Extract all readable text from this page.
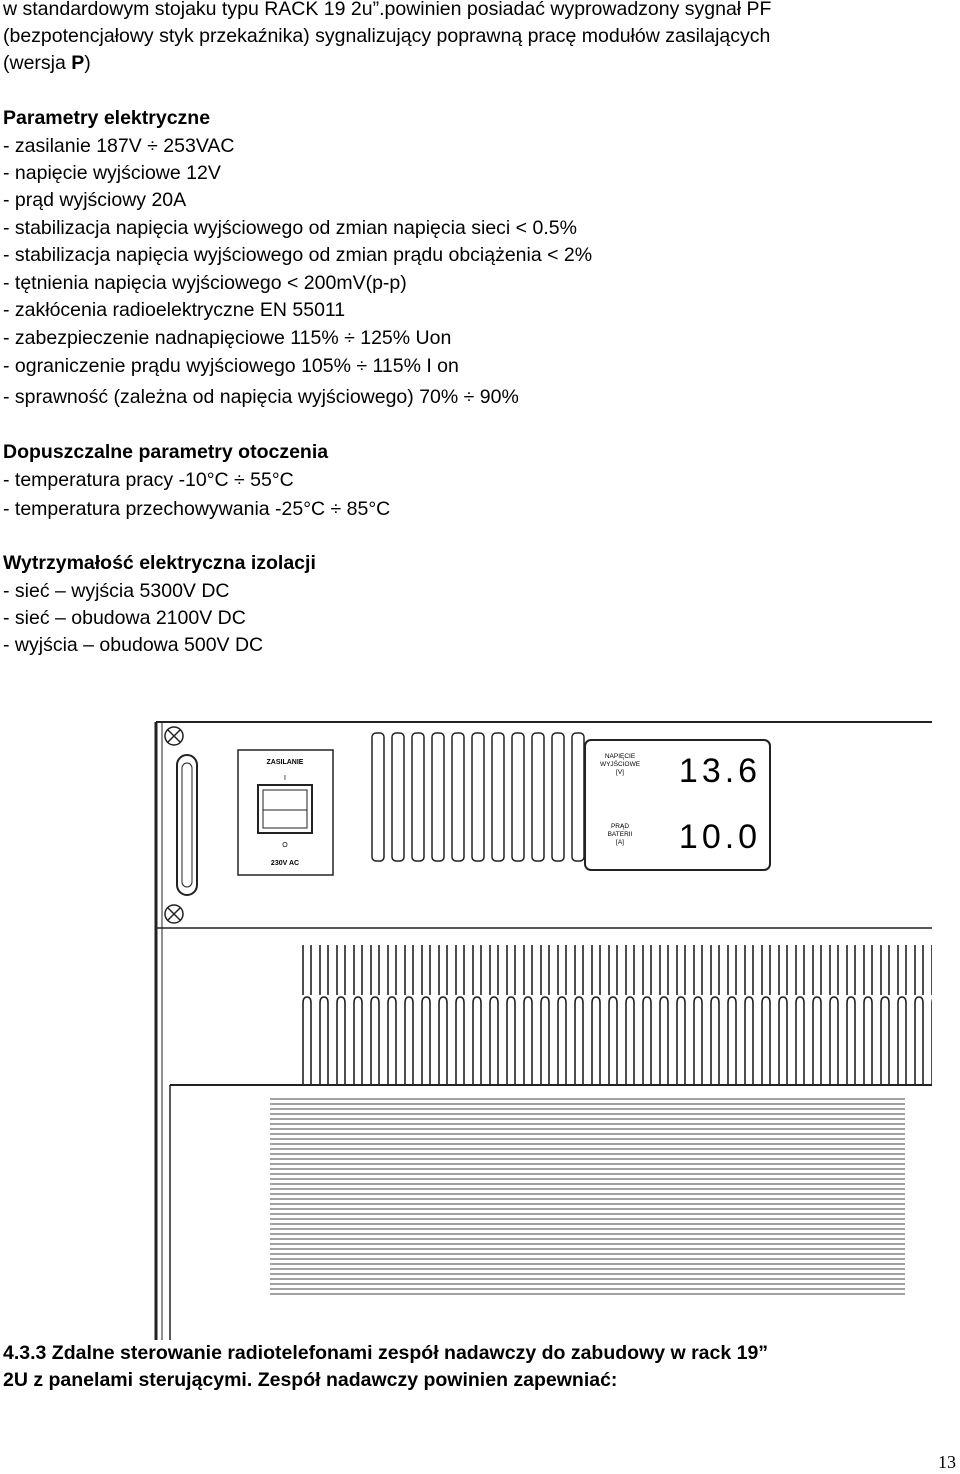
w standardowym stojaku typu RACK 19 2u”.powinien posiadać wyprowadzony sygnał PF
(bezpotencjałowy styk przekaźnika) sygnalizujący poprawną pracę modułów zasilających
(wersja P)
Parametry elektryczne
- zasilanie 187V ÷ 253VAC
- napięcie wyjściowe 12V
- prąd wyjściowy 20A
- stabilizacja napięcia wyjściowego od zmian napięcia sieci < 0.5%
- stabilizacja napięcia wyjściowego od zmian prądu obciążenia < 2%
- tętnienia napięcia wyjściowego < 200mV(p-p)
- zakłócenia radioelektryczne EN 55011
- zabezpieczenie nadnapięciowe 115% ÷ 125% Uon
- ograniczenie prądu wyjściowego 105% ÷ 115% I on
- sprawność (zależna od napięcia wyjściowego) 70% ÷ 90%
Dopuszczalne parametry otoczenia
- temperatura pracy -10°C ÷ 55°C
- temperatura przechowywania -25°C ÷ 85°C
Wytrzymałość elektryczna izolacji
- sieć – wyjścia 5300V DC
- sieć – obudowa 2100V DC
- wyjścia – obudowa 500V DC
ZASILANIE
I
O
230V AC
NAPIĘCIE
WYJŚCIOWE
[V] 13.6
PRĄD
BATERII
[A] 10.0
4.3.3 Zdalne sterowanie radiotelefonami zespół nadawczy do zabudowy w rack 19”
2U z panelami sterującymi. Zespół nadawczy powinien zapewniać:
13
